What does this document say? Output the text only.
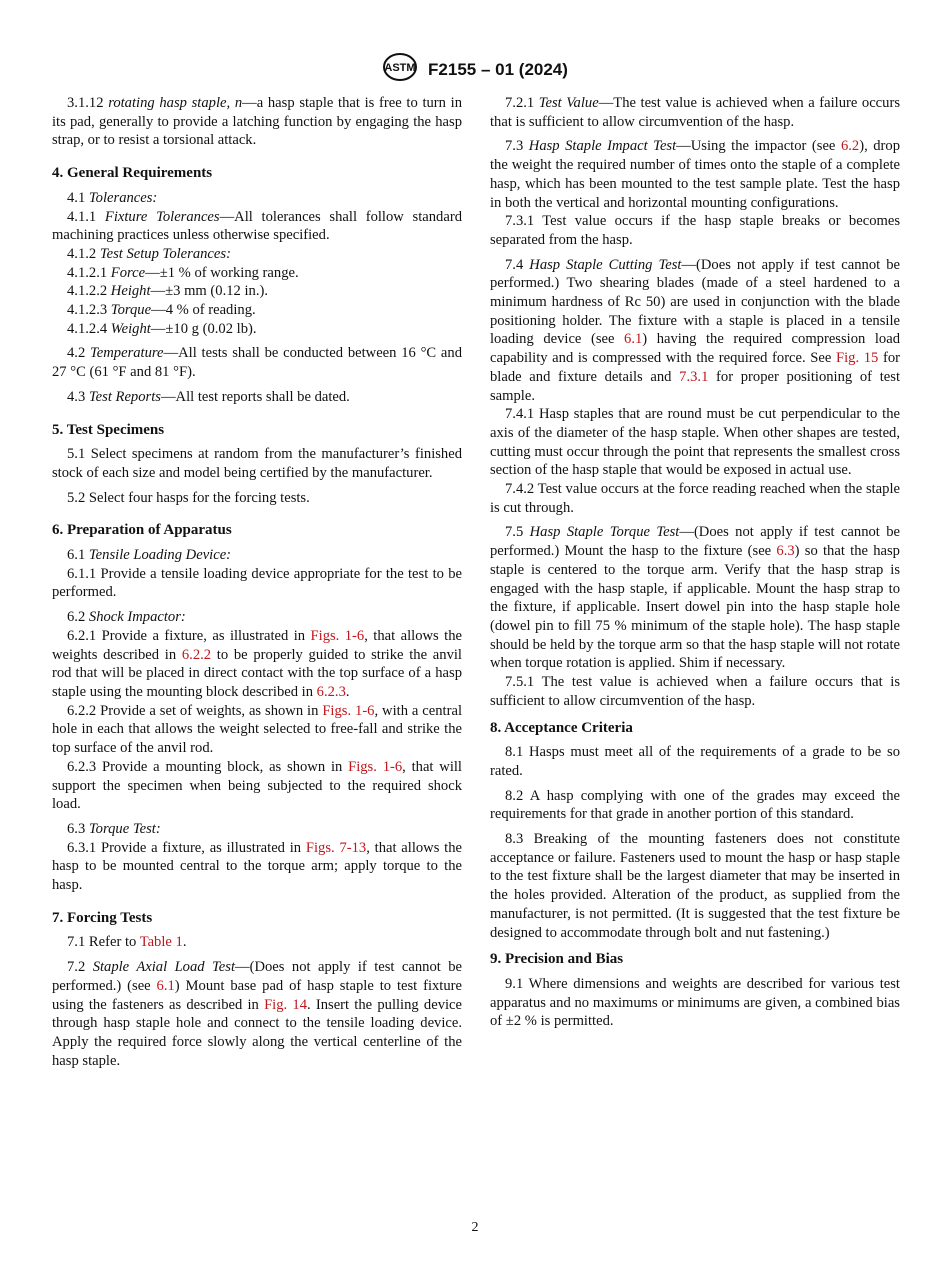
ASTM F2155 – 01 (2024)

3.1.12 rotating hasp staple, n—a hasp staple that is free to turn in its pad, generally to provide a latching function by engaging the hasp strap, or to resist a torsional attack.

4. General Requirements

4.1 Tolerances:

4.1.1 Fixture Tolerances—All tolerances shall follow standard machining practices unless otherwise specified.

4.1.2 Test Setup Tolerances:

4.1.2.1 Force—±1 % of working range.

4.1.2.2 Height—±3 mm (0.12 in.).

4.1.2.3 Torque—4 % of reading.

4.1.2.4 Weight—±10 g (0.02 lb).

4.2 Temperature—All tests shall be conducted between 16 °C and 27 °C (61 °F and 81 °F).

4.3 Test Reports—All test reports shall be dated.

5. Test Specimens

5.1 Select specimens at random from the manufacturer’s finished stock of each size and model being certified by the manufacturer.

5.2 Select four hasps for the forcing tests.

6. Preparation of Apparatus

6.1 Tensile Loading Device:

6.1.1 Provide a tensile loading device appropriate for the test to be performed.

6.2 Shock Impactor:

6.2.1 Provide a fixture, as illustrated in Figs. 1-6, that allows the weights described in 6.2.2 to be properly guided to strike the anvil rod that will be placed in direct contact with the top surface of a hasp staple using the mounting block described in 6.2.3.

6.2.2 Provide a set of weights, as shown in Figs. 1-6, with a central hole in each that allows the weight selected to free-fall and strike the top surface of the anvil rod.

6.2.3 Provide a mounting block, as shown in Figs. 1-6, that will support the specimen when being subjected to the required shock load.

6.3 Torque Test:

6.3.1 Provide a fixture, as illustrated in Figs. 7-13, that allows the hasp to be mounted central to the torque arm; apply torque to the hasp.

7. Forcing Tests

7.1 Refer to Table 1.

7.2 Staple Axial Load Test—(Does not apply if test cannot be performed.) (see 6.1) Mount base pad of hasp staple to test fixture using the fasteners as described in Fig. 14. Insert the pulling device through hasp staple hole and connect to the tensile loading device. Apply the required force slowly along the vertical centerline of the hasp staple.

7.2.1 Test Value—The test value is achieved when a failure occurs that is sufficient to allow circumvention of the hasp.

7.3 Hasp Staple Impact Test—Using the impactor (see 6.2), drop the weight the required number of times onto the staple of a complete hasp, which has been mounted to the test sample plate. Test the hasp in both the vertical and horizontal mounting configurations.

7.3.1 Test value occurs if the hasp staple breaks or becomes separated from the hasp.

7.4 Hasp Staple Cutting Test—(Does not apply if test cannot be performed.) Two shearing blades (made of a steel hardened to a minimum hardness of Rc 50) are used in conjunction with the blade positioning holder. The fixture with a staple is placed in a tensile loading device (see 6.1) having the required compression load capability and is compressed with the required force. See Fig. 15 for blade and fixture details and 7.3.1 for proper positioning of test sample.

7.4.1 Hasp staples that are round must be cut perpendicular to the axis of the diameter of the hasp staple. When other shapes are tested, cutting must occur through the point that represents the smallest cross section of the hasp staple that would be exposed in actual use.

7.4.2 Test value occurs at the force reading reached when the staple is cut through.

7.5 Hasp Staple Torque Test—(Does not apply if test cannot be performed.) Mount the hasp to the fixture (see 6.3) so that the hasp staple is centered to the torque arm. Verify that the hasp strap is engaged with the hasp staple, if applicable. Mount the hasp strap to the fixture, if applicable. Insert dowel pin into the hasp staple hole (dowel pin to fill 75 % minimum of the staple hole). The hasp staple should be held by the torque arm so that the hasp staple will not rotate when torque rotation is applied. Shim if necessary.

7.5.1 The test value is achieved when a failure occurs that is sufficient to allow circumvention of the hasp.

8. Acceptance Criteria

8.1 Hasps must meet all of the requirements of a grade to be so rated.

8.2 A hasp complying with one of the grades may exceed the requirements for that grade in another portion of this standard.

8.3 Breaking of the mounting fasteners does not constitute acceptance or failure. Fasteners used to mount the hasp or hasp staple to the test fixture shall be the largest diameter that may be inserted in the holes provided. Alteration of the product, as supplied from the manufacturer, is not permitted. (It is suggested that the test fixture be designed to accommodate through bolt and nut fastening.)

9. Precision and Bias

9.1 Where dimensions and weights are described for various test apparatus and no maximums or minimums are given, a combined bias of ±2 % is permitted.

2
